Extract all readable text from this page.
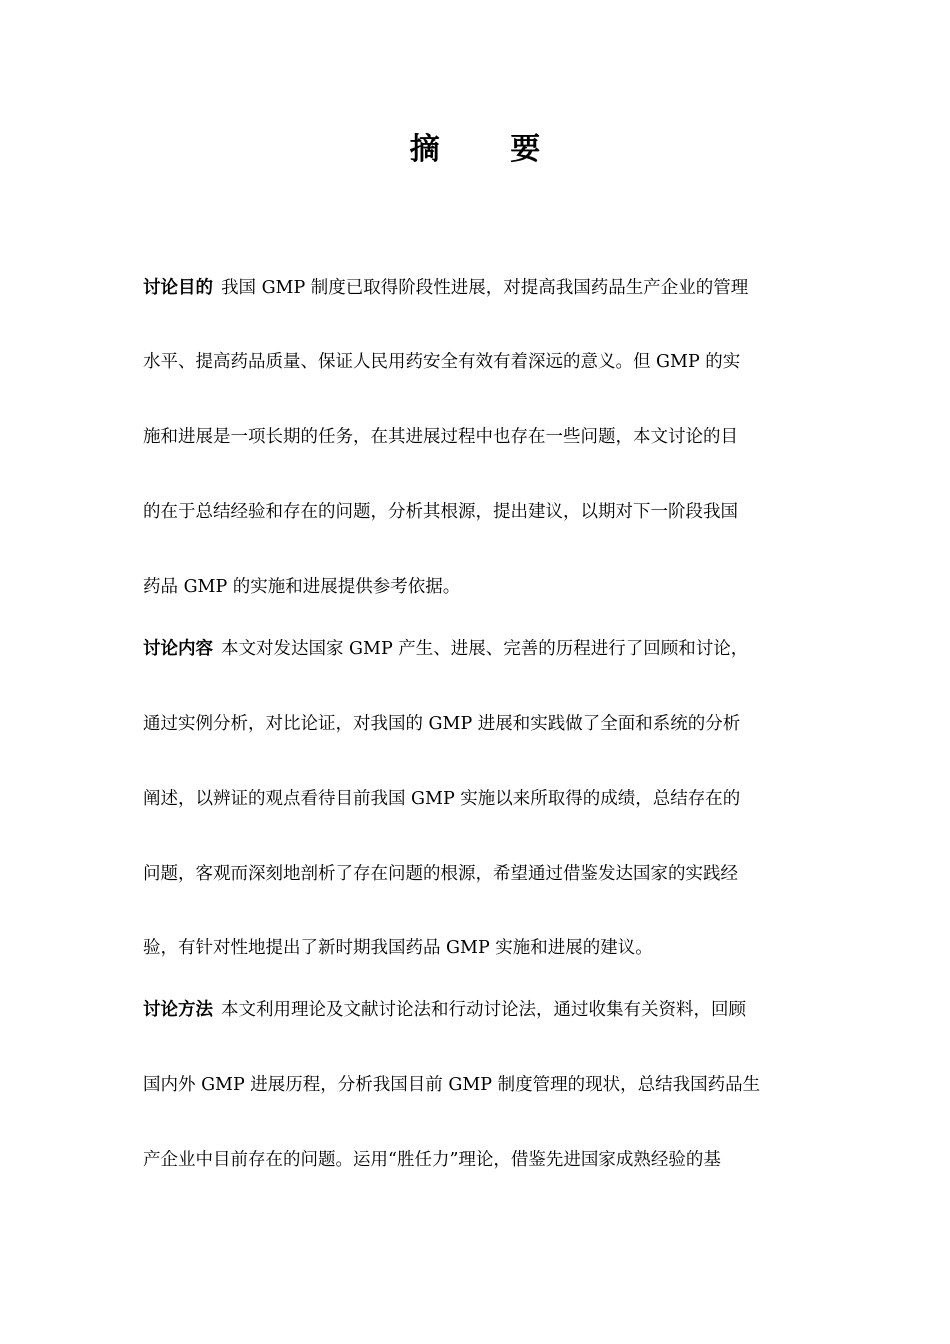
摘 要
讨论目的 我国 GMP 制度已取得阶段性进展，对提高我国药品生产企业的管理
水平、提高药品质量、保证人民用药安全有效有着深远的意义。但 GMP 的实
施和进展是一项长期的任务，在其进展过程中也存在一些问题，本文讨论的目
的在于总结经验和存在的问题，分析其根源，提出建议，以期对下一阶段我国
药品 GMP 的实施和进展提供参考依据。
讨论内容 本文对发达国家 GMP 产生、进展、完善的历程进行了回顾和讨论，
通过实例分析，对比论证，对我国的 GMP 进展和实践做了全面和系统的分析
阐述，以辨证的观点看待目前我国 GMP 实施以来所取得的成绩，总结存在的
问题，客观而深刻地剖析了存在问题的根源，希望通过借鉴发达国家的实践经
验，有针对性地提出了新时期我国药品 GMP 实施和进展的建议。
讨论方法 本文利用理论及文献讨论法和行动讨论法，通过收集有关资料，回顾
国内外 GMP 进展历程，分析我国目前 GMP 制度管理的现状，总结我国药品生
产企业中目前存在的问题。运用“胜任力”理论，借鉴先进国家成熟经验的基
